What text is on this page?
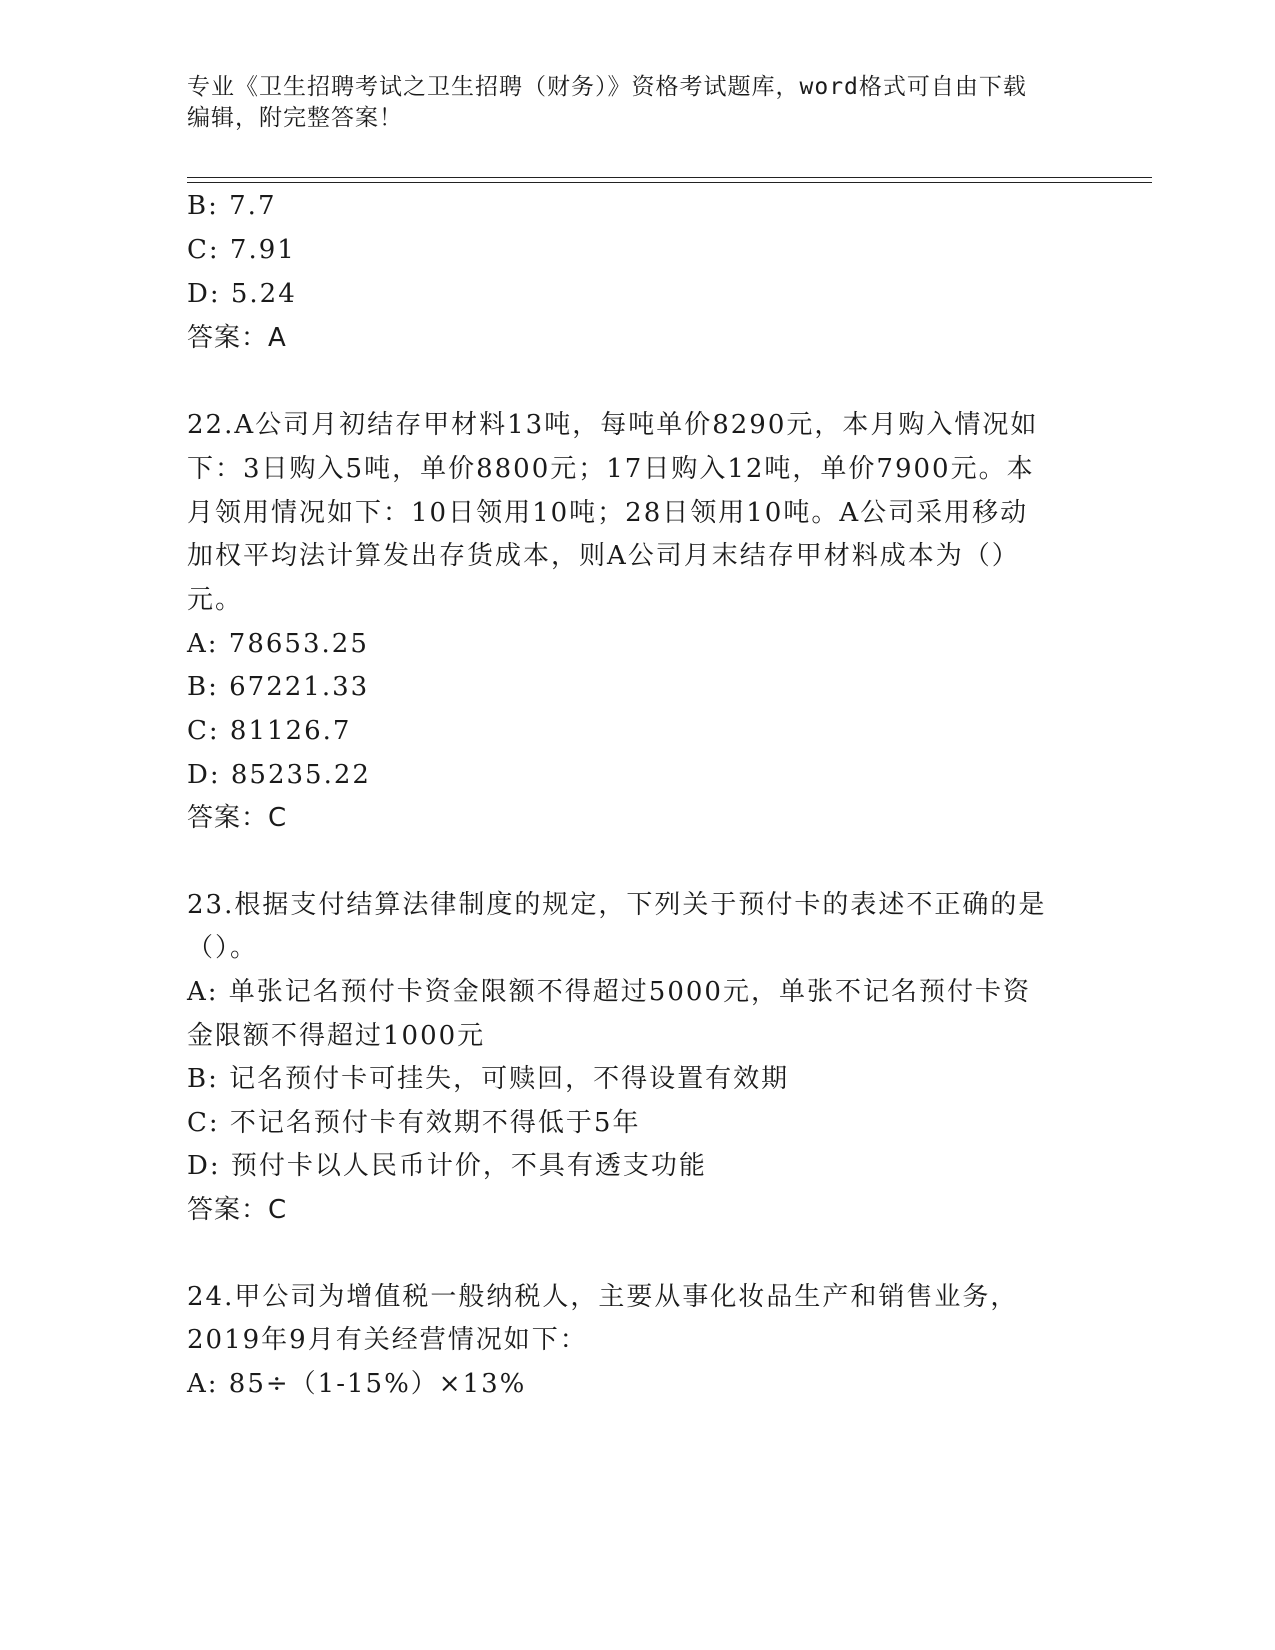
专业《卫生招聘考试之卫生招聘（财务）》资格考试题库，word格式可自由下载
编辑，附完整答案！
B: 7.7
C: 7.91
D: 5.24
答案：A
22.A公司月初结存甲材料13吨，每吨单价8290元，本月购入情况如
下：3日购入5吨，单价8800元；17日购入12吨，单价7900元。本
月领用情况如下：10日领用10吨；28日领用10吨。A公司采用移动
加权平均法计算发出存货成本，则A公司月末结存甲材料成本为（）
元。
A: 78653.25
B: 67221.33
C: 81126.7
D: 85235.22
答案：C
23.根据支付结算法律制度的规定，下列关于预付卡的表述不正确的是
（）。
A: 单张记名预付卡资金限额不得超过5000元，单张不记名预付卡资
金限额不得超过1000元
B: 记名预付卡可挂失，可赎回，不得设置有效期
C: 不记名预付卡有效期不得低于5年
D: 预付卡以人民币计价，不具有透支功能
答案：C
24.甲公司为增值税一般纳税人，主要从事化妆品生产和销售业务，
2019年9月有关经营情况如下：
A: 85÷（1-15%）×13%
